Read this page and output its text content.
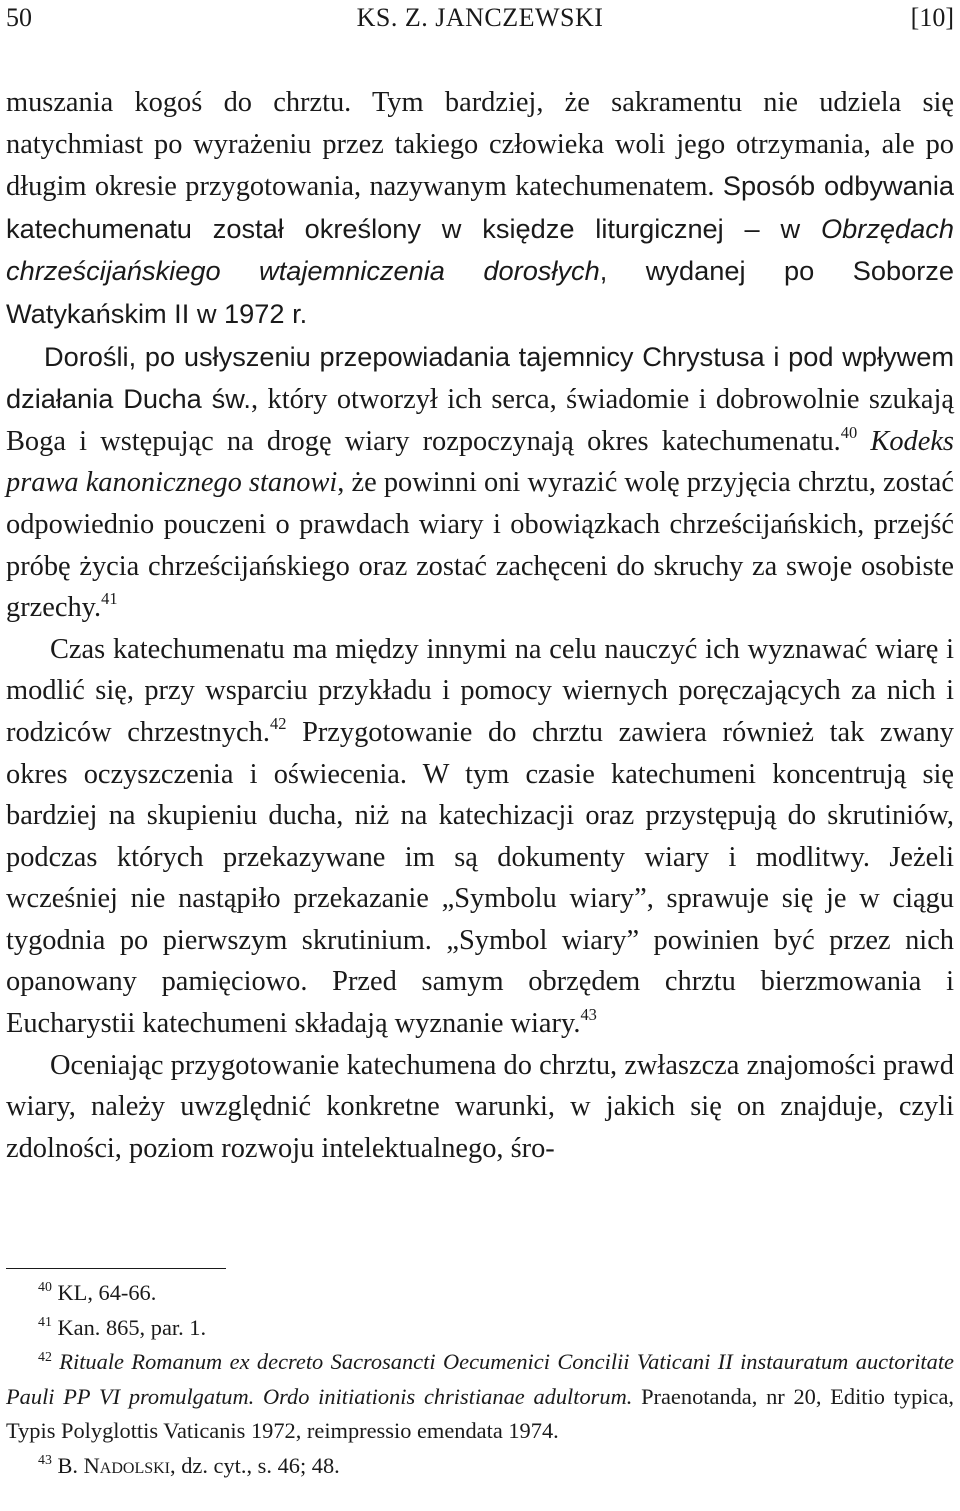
50	KS. Z. JANCZEWSKI	[10]

muszania kogoś do chrztu. Tym bardziej, że sakramentu nie udziela się natychmiast po wyrażeniu przez takiego człowieka woli jego otrzymania, ale po długim okresie przygotowania, nazywanym katechumenatem. Sposób odbywania katechumenatu został określony w księdze liturgicznej – w Obrzędach chrześcijańskiego wtajemniczenia dorosłych, wydanej po Soborze Watykańskim II w 1972 r.

Dorośli, po usłyszeniu przepowiadania tajemnicy Chrystusa i pod wpływem działania Ducha św., który otworzył ich serca, świadomie i dobrowolnie szukają Boga i wstępując na drogę wiary rozpoczynają okres katechumenatu.$^{40}$ Kodeks prawa kanonicznego stanowi, że powinni oni wyrazić wolę przyjęcia chrztu, zostać odpowiednio pouczeni o prawdach wiary i obowiązkach chrześcijańskich, przejść próbę życia chrześcijańskiego oraz zostać zachęceni do skruchy za swoje osobiste grzechy.$^{41}$

Czas katechumenatu ma między innymi na celu nauczyć ich wyznawać wiarę i modlić się, przy wsparciu przykładu i pomocy wiernych poręczających za nich i rodziców chrzestnych.$^{42}$ Przygotowanie do chrztu zawiera również tak zwany okres oczyszczenia i oświecenia. W tym czasie katechumeni koncentrują się bardziej na skupieniu ducha, niż na katechizacji oraz przystępują do skrutiniów, podczas których przekazywane im są dokumenty wiary i modlitwy. Jeżeli wcześniej nie nastąpiło przekazanie „Symbolu wiary”, sprawuje się je w ciągu tygodnia po pierwszym skrutinium. „Symbol wiary” powinien być przez nich opanowany pamięciowo. Przed samym obrzędem chrztu bierzmowania i Eucharystii katechumeni składają wyznanie wiary.$^{43}$

Oceniając przygotowanie katechumena do chrztu, zwłaszcza znajomości prawd wiary, należy uwzględnić konkretne warunki, w jakich się on znajduje, czyli zdolności, poziom rozwoju intelektualnego, śro-

$^{40}$ KL, 64-66.

$^{41}$ Kan. 865, par. 1.

$^{42}$ Rituale Romanum ex decreto Sacrosancti Oecumenici Concilii Vaticani II instauratum auctoritate Pauli PP VI promulgatum. Ordo initiationis christianae adultorum. Praenotanda, nr 20, Editio typica, Typis Polyglottis Vaticanis 1972, reimpressio emendata 1974.

$^{43}$ B. Nadolski, dz. cyt., s. 46; 48.
